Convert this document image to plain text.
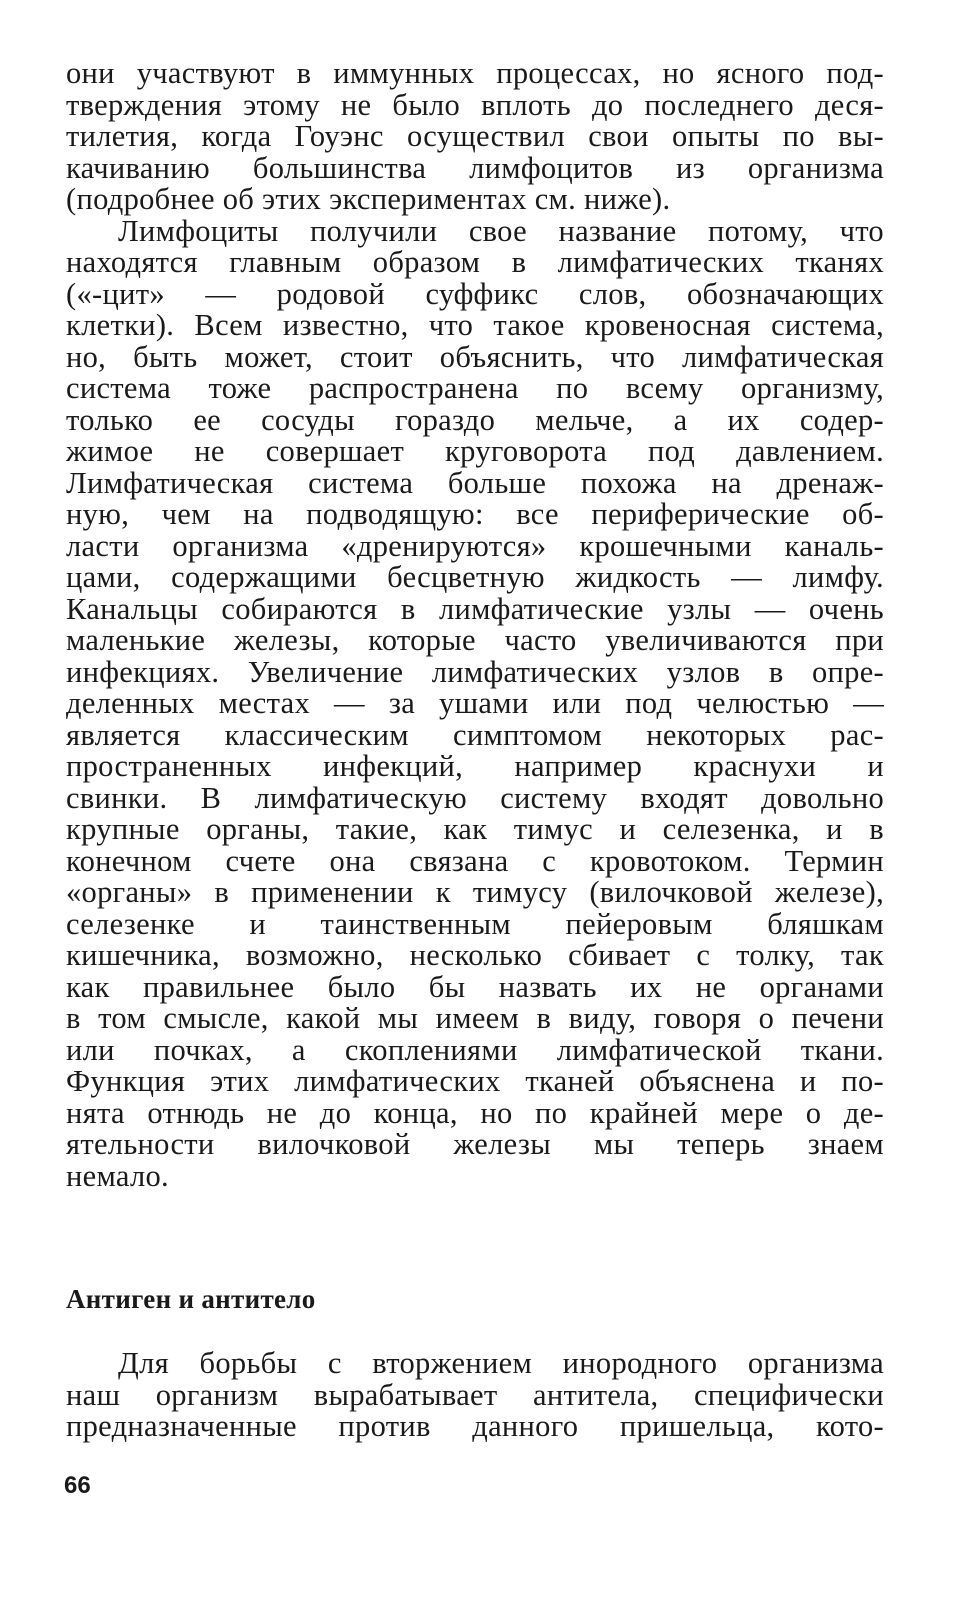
они участвуют в иммунных процессах, но ясного под-
тверждения этому не было вплоть до последнего деся-
тилетия, когда Гоуэнс осуществил свои опыты по вы-
качиванию большинства лимфоцитов из организма
(подробнее об этих экспериментах см. ниже).
Лимфоциты получили свое название потому, что
находятся главным образом в лимфатических тканях
(«-цит» — родовой суффикс слов, обозначающих
клетки). Всем известно, что такое кровеносная система,
но, быть может, стоит объяснить, что лимфатическая
система тоже распространена по всему организму,
только ее сосуды гораздо мельче, а их содер-
жимое не совершает круговорота под давлением.
Лимфатическая система больше похожа на дренаж-
ную, чем на подводящую: все периферические об-
ласти организма «дренируются» крошечными каналь-
цами, содержащими бесцветную жидкость — лимфу.
Канальцы собираются в лимфатические узлы — очень
маленькие железы, которые часто увеличиваются при
инфекциях. Увеличение лимфатических узлов в опре-
деленных местах — за ушами или под челюстью —
является классическим симптомом некоторых рас-
пространенных инфекций, например краснухи и
свинки. В лимфатическую систему входят довольно
крупные органы, такие, как тимус и селезенка, и в
конечном счете она связана с кровотоком. Термин
«органы» в применении к тимусу (вилочковой железе),
селезенке и таинственным пейеровым бляшкам
кишечника, возможно, несколько сбивает с толку, так
как правильнее было бы назвать их не органами
в том смысле, какой мы имеем в виду, говоря о печени
или почках, а скоплениями лимфатической ткани.
Функция этих лимфатических тканей объяснена и по-
нята отнюдь не до конца, но по крайней мере о де-
ятельности вилочковой железы мы теперь знаем
немало.
Антиген и антитело
Для борьбы с вторжением инородного организма
наш организм вырабатывает антитела, специфически
предназначенные против данного пришельца, кото-
66
